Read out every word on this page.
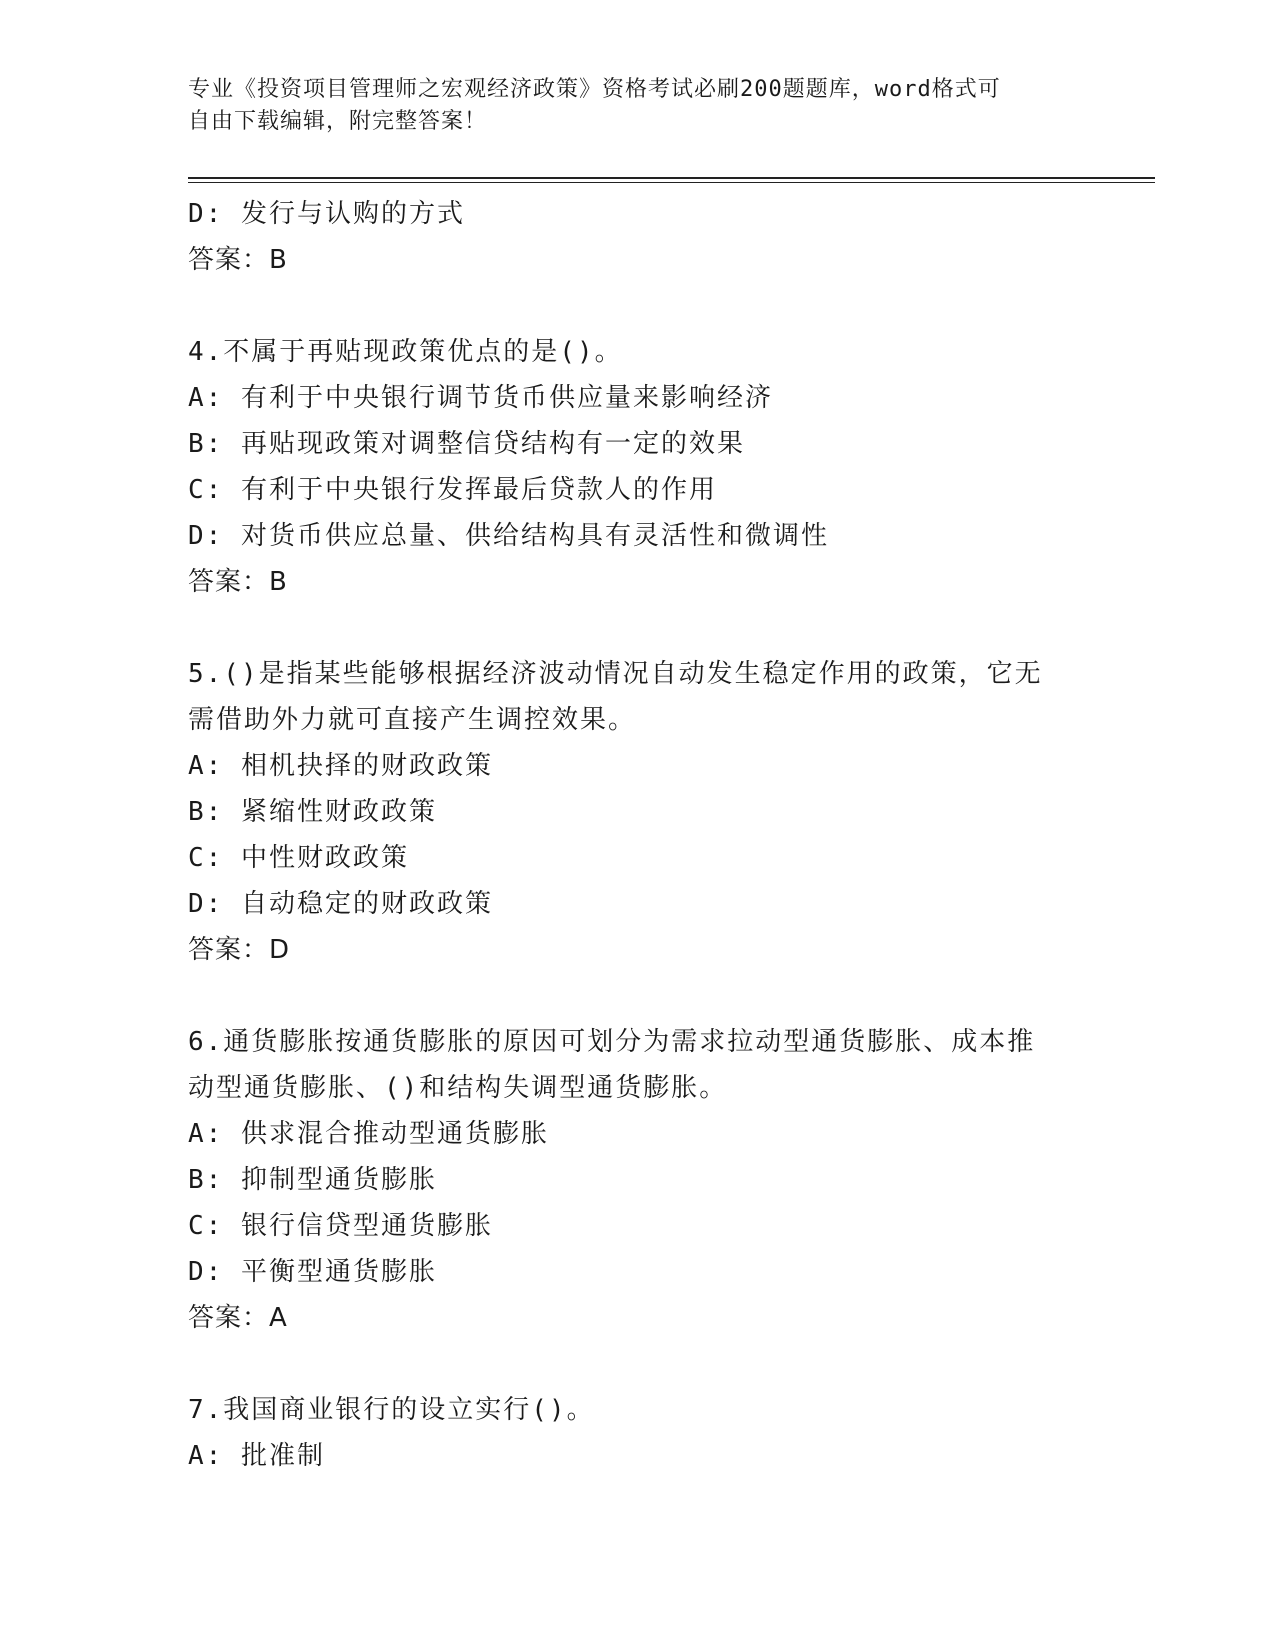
专业《投资项目管理师之宏观经济政策》资格考试必刷200题题库，word格式可
自由下载编辑，附完整答案！
D: 发行与认购的方式
答案：B
4.不属于再贴现政策优点的是()。
A: 有利于中央银行调节货币供应量来影响经济
B: 再贴现政策对调整信贷结构有一定的效果
C: 有利于中央银行发挥最后贷款人的作用
D: 对货币供应总量、供给结构具有灵活性和微调性
答案：B
5.()是指某些能够根据经济波动情况自动发生稳定作用的政策，它无
需借助外力就可直接产生调控效果。
A: 相机抉择的财政政策
B: 紧缩性财政政策
C: 中性财政政策
D: 自动稳定的财政政策
答案：D
6.通货膨胀按通货膨胀的原因可划分为需求拉动型通货膨胀、成本推
动型通货膨胀、()和结构失调型通货膨胀。
A: 供求混合推动型通货膨胀
B: 抑制型通货膨胀
C: 银行信贷型通货膨胀
D: 平衡型通货膨胀
答案：A
7.我国商业银行的设立实行()。
A: 批准制
